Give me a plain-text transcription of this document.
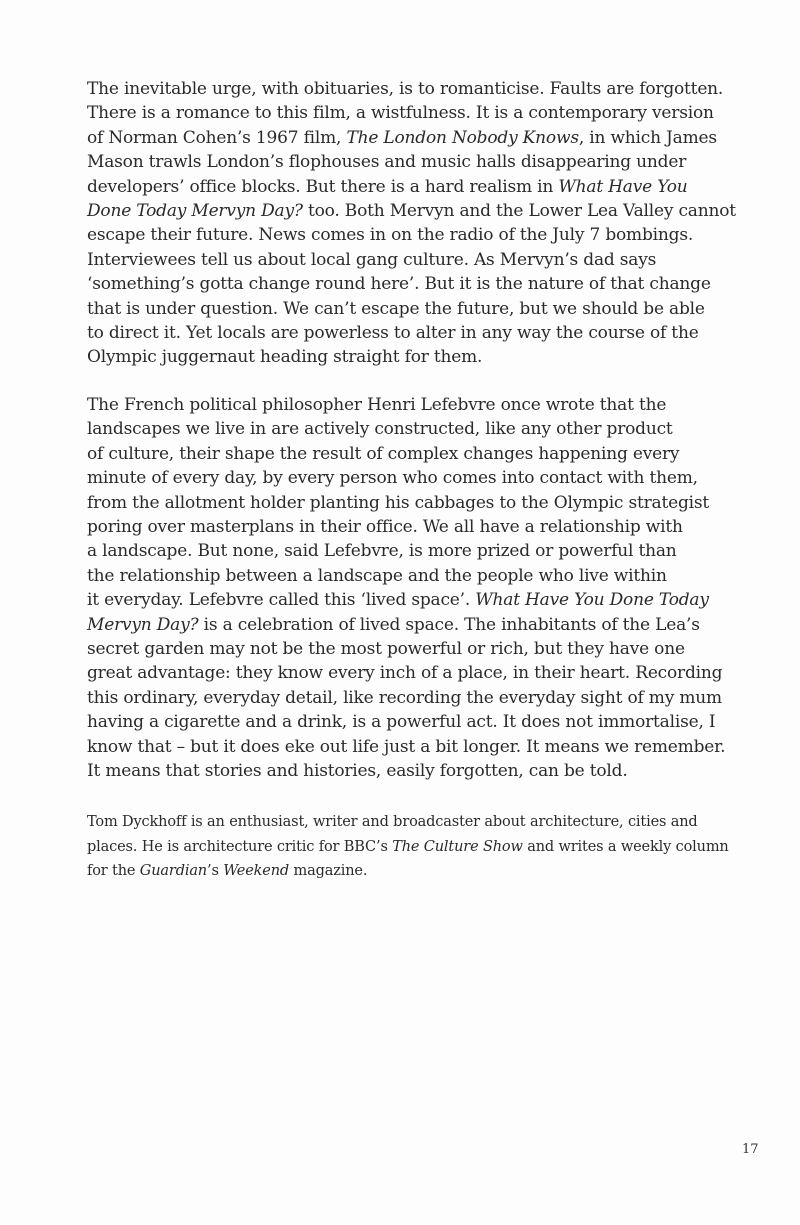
The inevitable urge, with obituaries, is to romanticise. Faults are forgotten.
There is a romance to this film, a wistfulness. It is a contemporary version
of Norman Cohen’s 1967 film, The London Nobody Knows, in which James
Mason trawls London’s flophouses and music halls disappearing under
developers’ office blocks. But there is a hard realism in What Have You
Done Today Mervyn Day? too. Both Mervyn and the Lower Lea Valley cannot
escape their future. News comes in on the radio of the July 7 bombings.
Interviewees tell us about local gang culture. As Mervyn’s dad says
‘something’s gotta change round here’. But it is the nature of that change
that is under question. We can’t escape the future, but we should be able
to direct it. Yet locals are powerless to alter in any way the course of the
Olympic juggernaut heading straight for them.

The French political philosopher Henri Lefebvre once wrote that the
landscapes we live in are actively constructed, like any other product
of culture, their shape the result of complex changes happening every
minute of every day, by every person who comes into contact with them,
from the allotment holder planting his cabbages to the Olympic strategist
poring over masterplans in their office. We all have a relationship with
a landscape. But none, said Lefebvre, is more prized or powerful than
the relationship between a landscape and the people who live within
it everyday. Lefebvre called this ‘lived space’. What Have You Done Today
Mervyn Day? is a celebration of lived space. The inhabitants of the Lea’s
secret garden may not be the most powerful or rich, but they have one
great advantage: they know every inch of a place, in their heart. Recording
this ordinary, everyday detail, like recording the everyday sight of my mum
having a cigarette and a drink, is a powerful act. It does not immortalise, I
know that – but it does eke out life just a bit longer. It means we remember.
It means that stories and histories, easily forgotten, can be told.

Tom Dyckhoff is an enthusiast, writer and broadcaster about architecture, cities and
places. He is architecture critic for BBC’s The Culture Show and writes a weekly column
for the Guardian’s Weekend magazine.

17
